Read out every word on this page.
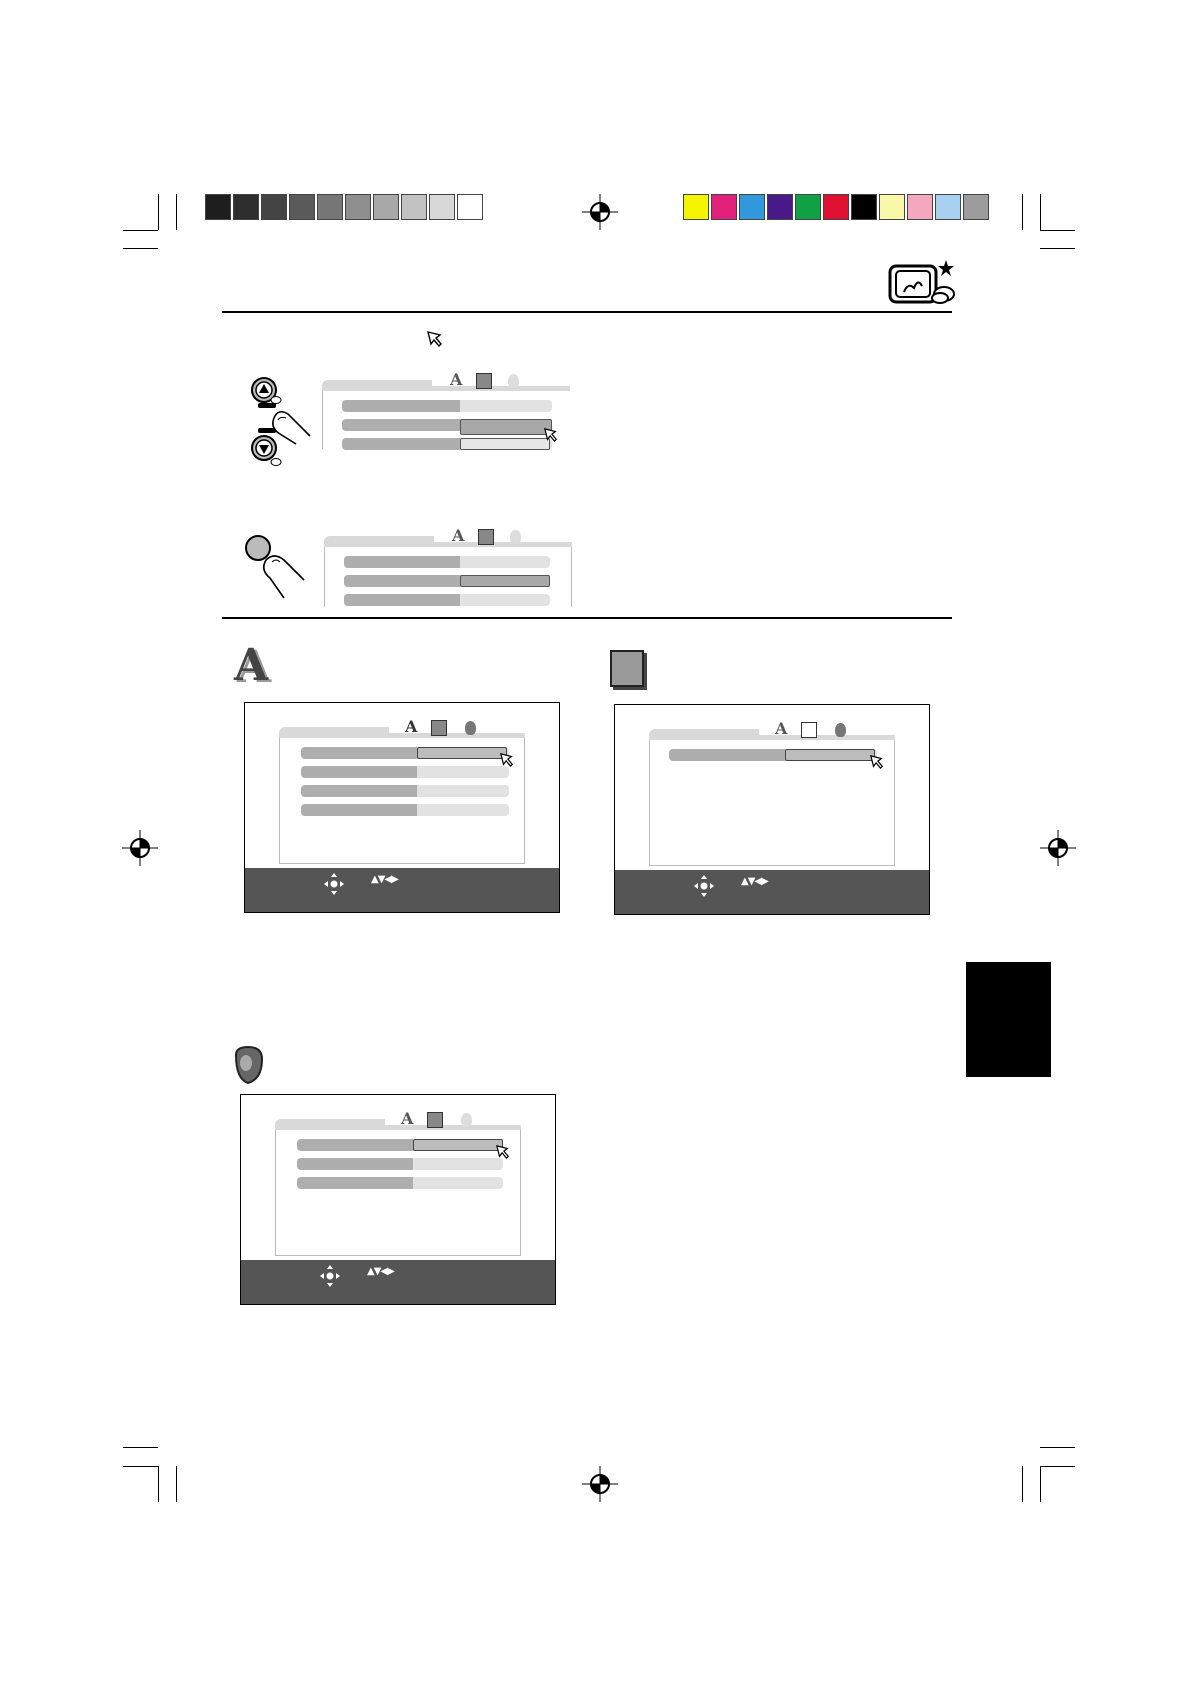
A
A
A
A
▲▼◀▶
A
▲▼◀▶
A
▲▼◀▶
